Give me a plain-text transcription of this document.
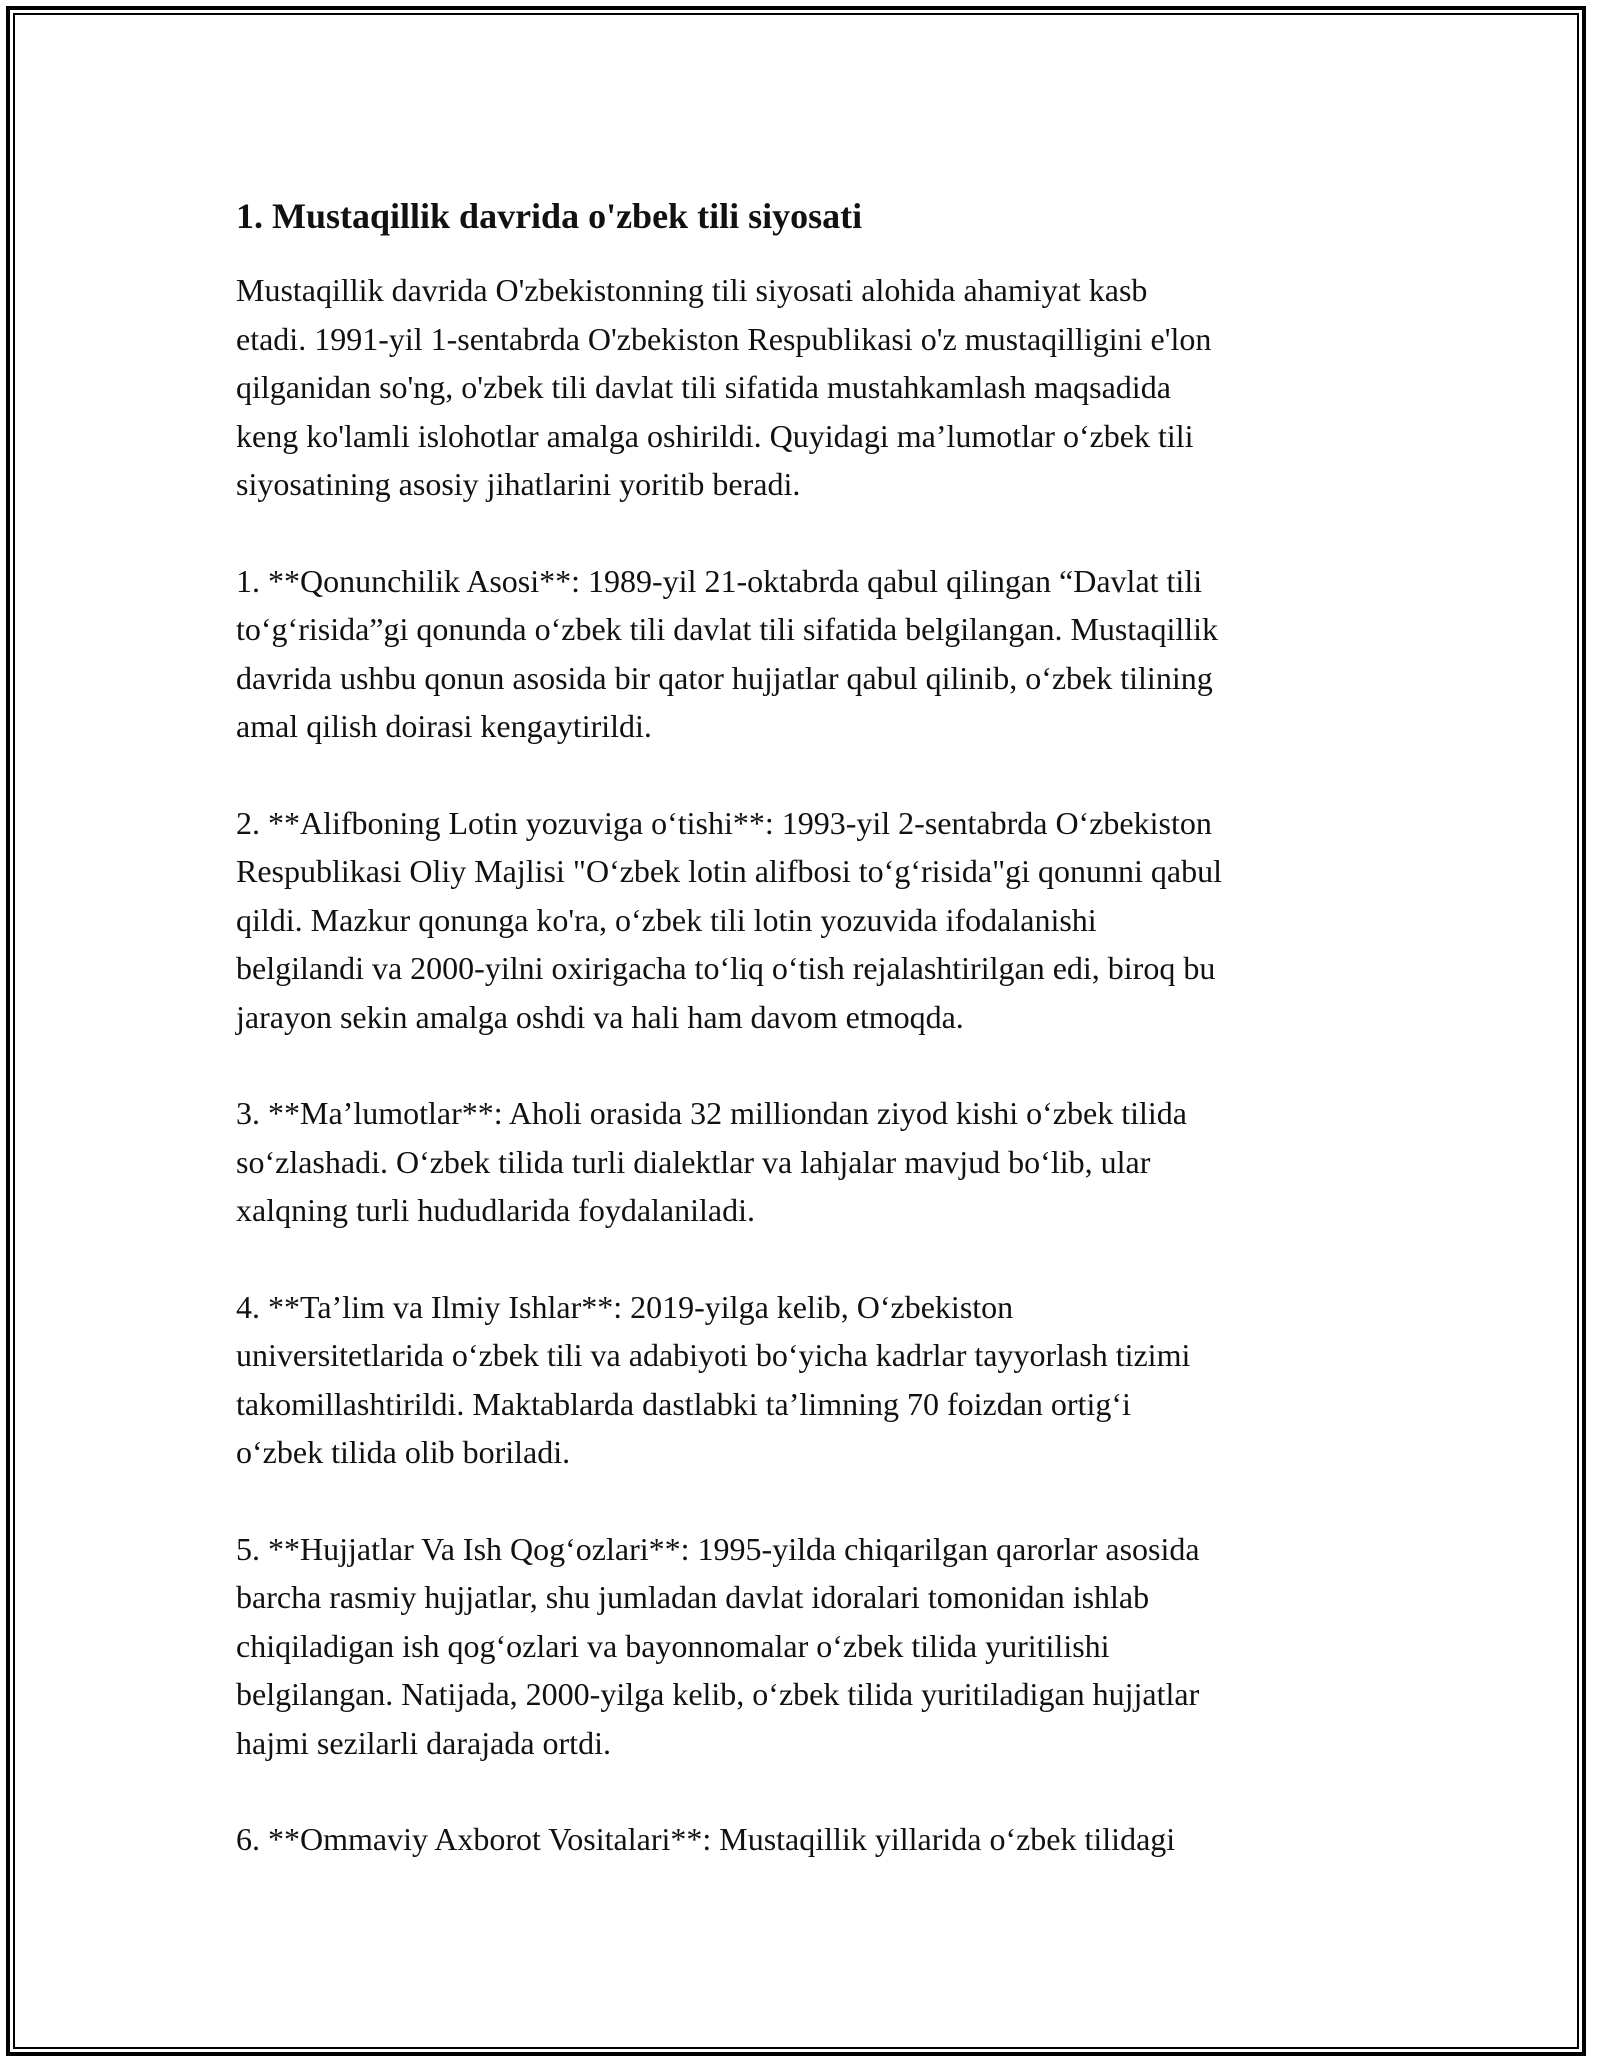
1. Mustaqillik davrida o'zbek tili siyosati

Mustaqillik davrida O'zbekistonning tili siyosati alohida ahamiyat kasb
etadi. 1991-yil 1-sentabrda O'zbekiston Respublikasi o'z mustaqilligini e'lon
qilganidan so'ng, o'zbek tili davlat tili sifatida mustahkamlash maqsadida
keng ko'lamli islohotlar amalga oshirildi. Quyidagi ma’lumotlar o‘zbek tili
siyosatining asosiy jihatlarini yoritib beradi.

1. **Qonunchilik Asosi**: 1989-yil 21-oktabrda qabul qilingan “Davlat tili
to‘g‘risida”gi qonunda o‘zbek tili davlat tili sifatida belgilangan. Mustaqillik
davrida ushbu qonun asosida bir qator hujjatlar qabul qilinib, o‘zbek tilining
amal qilish doirasi kengaytirildi.

2. **Alifboning Lotin yozuviga o‘tishi**: 1993-yil 2-sentabrda O‘zbekiston
Respublikasi Oliy Majlisi "O‘zbek lotin alifbosi to‘g‘risida"gi qonunni qabul
qildi. Mazkur qonunga ko'ra, o‘zbek tili lotin yozuvida ifodalanishi
belgilandi va 2000-yilni oxirigacha to‘liq o‘tish rejalashtirilgan edi, biroq bu
jarayon sekin amalga oshdi va hali ham davom etmoqda.

3. **Ma’lumotlar**: Aholi orasida 32 milliondan ziyod kishi o‘zbek tilida
so‘zlashadi. O‘zbek tilida turli dialektlar va lahjalar mavjud bo‘lib, ular
xalqning turli hududlarida foydalaniladi.

4. **Ta’lim va Ilmiy Ishlar**: 2019-yilga kelib, O‘zbekiston
universitetlarida o‘zbek tili va adabiyoti bo‘yicha kadrlar tayyorlash tizimi
takomillashtirildi. Maktablarda dastlabki ta’limning 70 foizdan ortig‘i
o‘zbek tilida olib boriladi.

5. **Hujjatlar Va Ish Qog‘ozlari**: 1995-yilda chiqarilgan qarorlar asosida
barcha rasmiy hujjatlar, shu jumladan davlat idoralari tomonidan ishlab
chiqiladigan ish qog‘ozlari va bayonnomalar o‘zbek tilida yuritilishi
belgilangan. Natijada, 2000-yilga kelib, o‘zbek tilida yuritiladigan hujjatlar
hajmi sezilarli darajada ortdi.

6. **Ommaviy Axborot Vositalari**: Mustaqillik yillarida o‘zbek tilidagi
